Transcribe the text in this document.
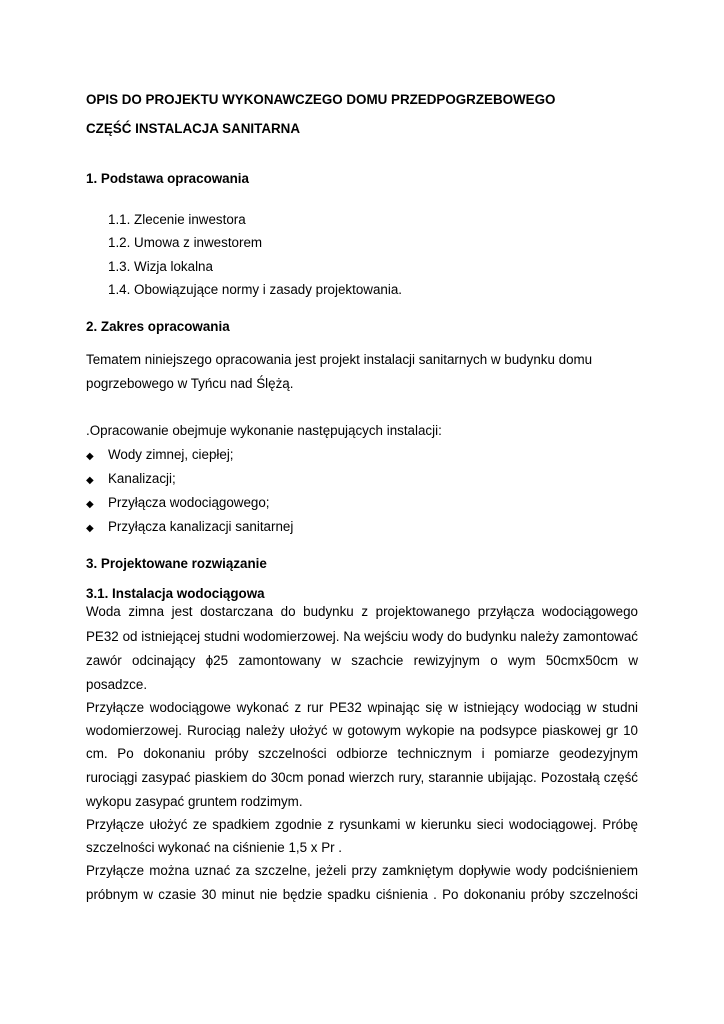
OPIS DO PROJEKTU WYKONAWCZEGO DOMU PRZEDPOGRZEBOWEGO
CZĘŚĆ INSTALACJA SANITARNA
1. Podstawa opracowania
1.1. Zlecenie inwestora
1.2. Umowa z inwestorem
1.3. Wizja lokalna
1.4. Obowiązujące normy i zasady projektowania.
2. Zakres opracowania
Tematem niniejszego opracowania jest projekt instalacji sanitarnych w budynku domu
pogrzebowego w Tyńcu nad Ślężą.
.Opracowanie obejmuje wykonanie następujących instalacji:
◆ Wody zimnej, ciepłej;
◆ Kanalizacji;
◆ Przyłącza wodociągowego;
◆ Przyłącza kanalizacji sanitarnej
3. Projektowane rozwiązanie
3.1. Instalacja wodociągowa
Woda zimna jest dostarczana do budynku z projektowanego przyłącza wodociągowego
PE32 od istniejącej studni wodomierzowej. Na wejściu wody do budynku należy zamontować
zawór odcinający ϕ25 zamontowany w szachcie rewizyjnym o wym 50cmx50cm w
posadzce.
Przyłącze wodociągowe wykonać z rur PE32 wpinając się w istniejący wodociąg w studni
wodomierzowej. Rurociąg należy ułożyć w gotowym wykopie na podsypce piaskowej gr 10
cm. Po dokonaniu próby szczelności odbiorze technicznym i pomiarze geodezyjnym
rurociągi zasypać piaskiem do 30cm ponad wierzch rury, starannie ubijając. Pozostałą część
wykopu zasypać gruntem rodzimym.
Przyłącze ułożyć ze spadkiem zgodnie z rysunkami w kierunku sieci wodociągowej. Próbę
szczelności wykonać na ciśnienie 1,5 x Pr .
Przyłącze można uznać za szczelne, jeżeli przy zamkniętym dopływie wody podciśnieniem
próbnym w czasie 30 minut nie będzie spadku ciśnienia . Po dokonaniu próby szczelności
